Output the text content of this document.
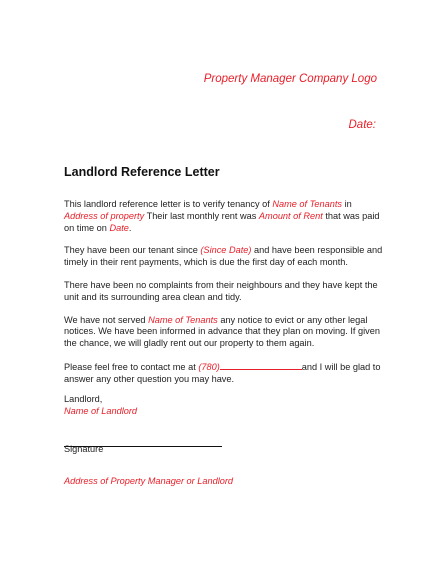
Property Manager Company Logo
Date:
Landlord Reference Letter

This landlord reference letter is to verify tenancy of Name of Tenants in Address of property Their last monthly rent was Amount of Rent that was paid on time on Date.

They have been our tenant since (Since Date) and have been responsible and timely in their rent payments, which is due the first day of each month.

There have been no complaints from their neighbours and they have kept the unit and its surrounding area clean and tidy.

We have not served Name of Tenants any notice to evict or any other legal notices. We have been informed in advance that they plan on moving. If given the chance, we will gladly rent out our property to them again.

Please feel free to contact me at (780)	and I will be glad to answer any other question you may have.

Landlord,
Name of Landlord
Signature
Address of Property Manager or Landlord
